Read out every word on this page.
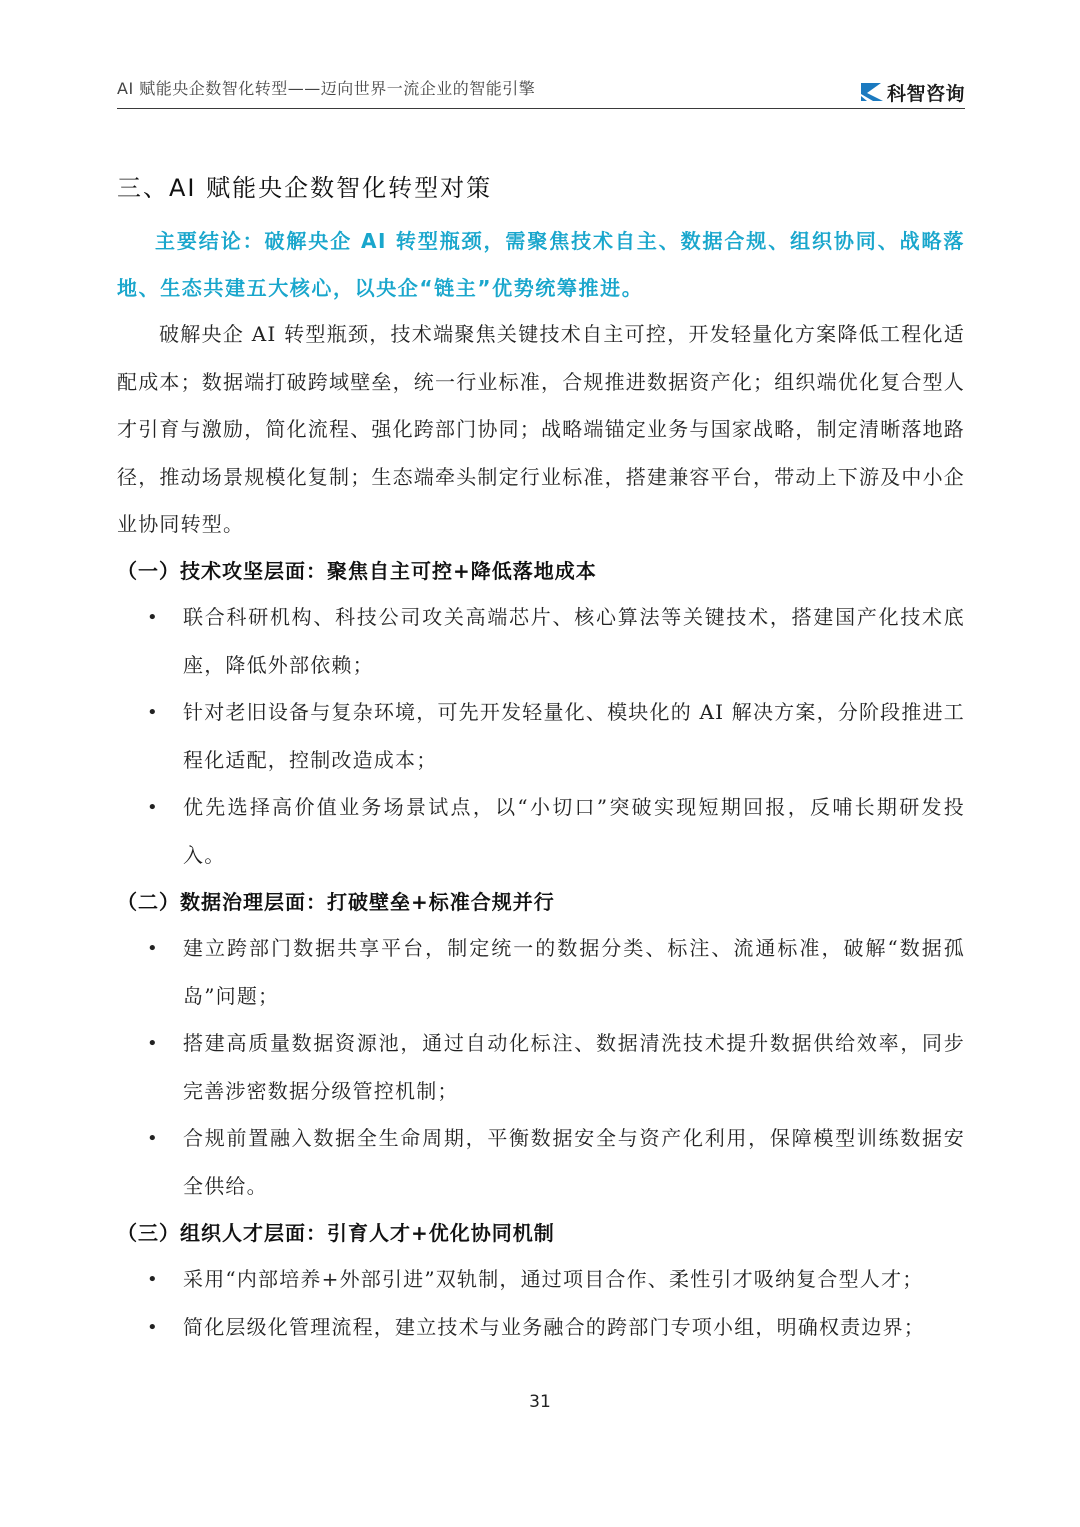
AI 赋能央企数智化转型——迈向世界一流企业的智能引擎	科智咨询
三、AI 赋能央企数智化转型对策
主要结论：破解央企 AI 转型瓶颈，需聚焦技术自主、数据合规、组织协同、战略落地、生态共建五大核心，以央企“链主”优势统筹推进。
破解央企 AI 转型瓶颈，技术端聚焦关键技术自主可控，开发轻量化方案降低工程化适配成本；数据端打破跨域壁垒，统一行业标准，合规推进数据资产化；组织端优化复合型人才引育与激励，简化流程、强化跨部门协同；战略端锚定业务与国家战略，制定清晰落地路径，推动场景规模化复制；生态端牵头制定行业标准，搭建兼容平台，带动上下游及中小企业协同转型。
（一）技术攻坚层面：聚焦自主可控+降低落地成本
• 联合科研机构、科技公司攻关高端芯片、核心算法等关键技术，搭建国产化技术底座，降低外部依赖；
• 针对老旧设备与复杂环境，可先开发轻量化、模块化的 AI 解决方案，分阶段推进工程化适配，控制改造成本；
• 优先选择高价值业务场景试点，以“小切口”突破实现短期回报，反哺长期研发投入。
（二）数据治理层面：打破壁垒+标准合规并行
• 建立跨部门数据共享平台，制定统一的数据分类、标注、流通标准，破解“数据孤岛”问题；
• 搭建高质量数据资源池，通过自动化标注、数据清洗技术提升数据供给效率，同步完善涉密数据分级管控机制；
• 合规前置融入数据全生命周期，平衡数据安全与资产化利用，保障模型训练数据安全供给。
（三）组织人才层面：引育人才+优化协同机制
• 采用“内部培养+外部引进”双轨制，通过项目合作、柔性引才吸纳复合型人才；
• 简化层级化管理流程，建立技术与业务融合的跨部门专项小组，明确权责边界；
31
